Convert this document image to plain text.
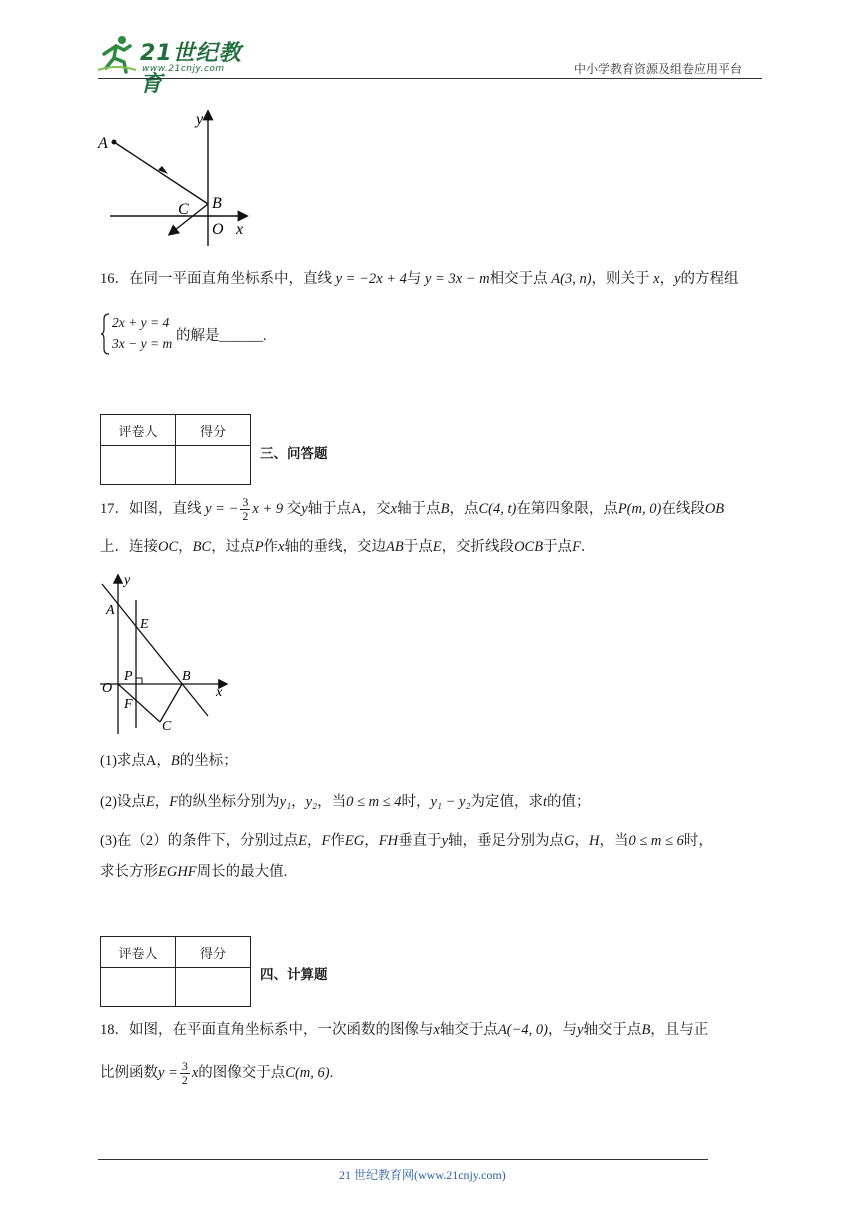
21世纪教育
www.21cnjy.com	中小学教育资源及组卷应用平台
y
A
B
C
O x
16．在同一平面直角坐标系中，直线 y = −2x + 4与 y = 3x − m相交于点 A(3, n)，则关于 x，y的方程组
2x + y = 4
3x − y = m 的解是______.
评卷人	得分

三、问答题
17．如图，直线 y = − $\frac{3}{2}$ x + 9 交y轴于点A，交x轴于点B，点C(4, t)在第四象限，点P(m, 0)在线段OB
上．连接OC，BC，过点P作x轴的垂线，交边AB于点E，交折线段OCB于点F．
y
A
E
P	B
O	x
F
C
(1)求点A，B的坐标；
(2)设点E，F的纵坐标分别为y₁，y₂，当0 ≤ m ≤ 4时，y₁ − y₂为定值，求t的值；
(3)在（2）的条件下，分别过点E，F作EG，FH垂直于y轴，垂足分别为点G，H，当0 ≤ m ≤ 6时，
求长方形EGHF周长的最大值.
评卷人	得分

四、计算题
18．如图，在平面直角坐标系中，一次函数的图像与x轴交于点A(−4, 0)，与y轴交于点B，且与正
比例函数$y = \frac{3}{2}$ x的图像交于点C(m, 6).
21 世纪教育网(www.21cnjy.com)
